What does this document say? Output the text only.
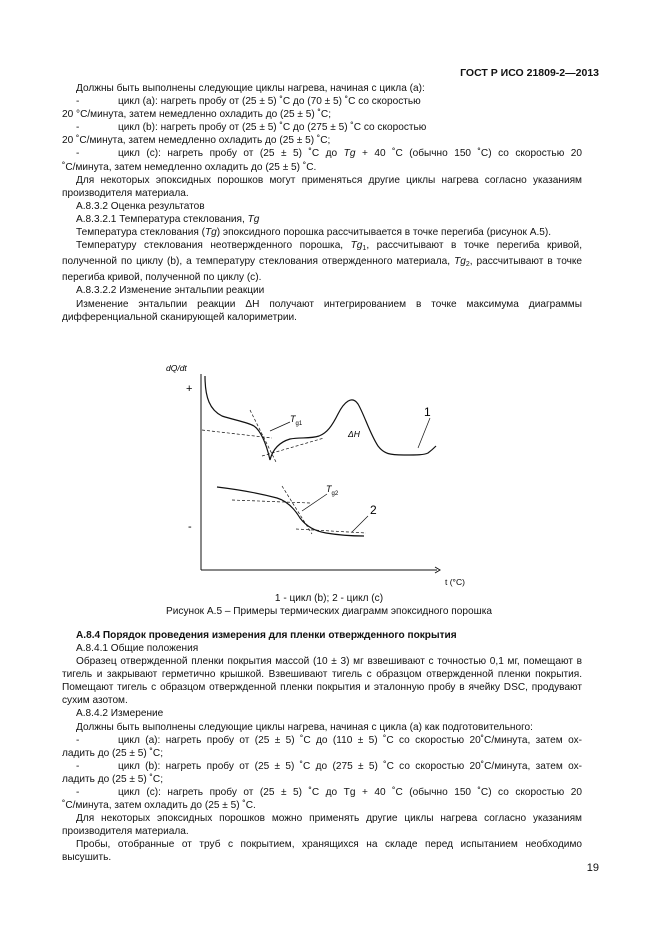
ГОСТ Р ИСО 21809-2—2013

Должны быть выполнены следующие циклы нагрева, начиная с цикла (а):

-	цикл (а): нагреть пробу от (25 ± 5) ˚С до (70 ± 5) ˚С со скоростью
20 °С/минута, затем немедленно охладить до (25 ± 5) ˚С;
-	цикл (b): нагреть пробу от (25 ± 5) ˚С до (275 ± 5) ˚С со скоростью
20 ˚С/минута, затем немедленно охладить до (25 ± 5) ˚С;
-	цикл (с): нагреть пробу от (25 ± 5) ˚С до Tg + 40 ˚С (обычно 150 ˚С) со скоростью 20
˚С/минута, затем немедленно охладить до (25 ± 5) ˚С.

Для некоторых эпоксидных порошков могут применяться другие циклы нагрева согласно указаниям производителя материала.

А.8.3.2 Оценка результатов

А.8.3.2.1 Температура стеклования, Tg

Температура стеклования (Tg) эпоксидного порошка рассчитывается в точке перегиба (рисунок А.5).

Температуру стеклования неотвержденного порошка, $Tg_1$, рассчитывают в точке перегиба кривой, полученной по циклу (b), а температуру стеклования отвержденного материала, $Tg_2$, рассчитывают в точке перегиба кривой, полученной по циклу (с).

А.8.3.2.2 Изменение энтальпии реакции

Изменение энтальпии реакции ΔH получают интегрированием в точке максимума диаграммы дифференциальной сканирующей калориметрии.

dQ/dt
+
-
t (°C)
$T_{g1}$
$T_{g2}$
ΔH
1
2

1 - цикл (b); 2 - цикл (с)

Рисунок А.5 – Примеры термических диаграмм эпоксидного порошка

А.8.4 Порядок проведения измерения для пленки отвержденного покрытия

А.8.4.1 Общие положения

Образец отвержденной пленки покрытия массой (10 ± 3) мг взвешивают с точностью 0,1 мг, помещают в тигель и закрывают герметично крышкой. Взвешивают тигель с образцом отвержденной пленки покрытия. Помещают тигель с образцом отвержденной пленки покрытия и эталонную пробу в ячейку DSC, продувают сухим азотом.

А.8.4.2 Измерение

Должны быть выполнены следующие циклы нагрева, начиная с цикла (а) как подготовительного:

-	цикл (а): нагреть пробу от (25 ± 5) ˚С до (110 ± 5) ˚С со скоростью 20˚С/минута, затем ох-
ладить до (25 ± 5) ˚С;
-	цикл (b): нагреть пробу от (25 ± 5) ˚С до (275 ± 5) ˚С со скоростью 20˚С/минута, затем ох-
ладить до (25 ± 5) ˚С;
-	цикл (с): нагреть пробу от (25 ± 5) ˚С до Tg + 40 ˚С (обычно 150 ˚С) со скоростью 20
˚С/минута, затем охладить до (25 ± 5) ˚С.

Для некоторых эпоксидных порошков можно применять другие циклы нагрева согласно указаниям производителя материала.

Пробы, отобранные от труб с покрытием, хранящихся на складе перед испытанием необходимо высушить.

19
